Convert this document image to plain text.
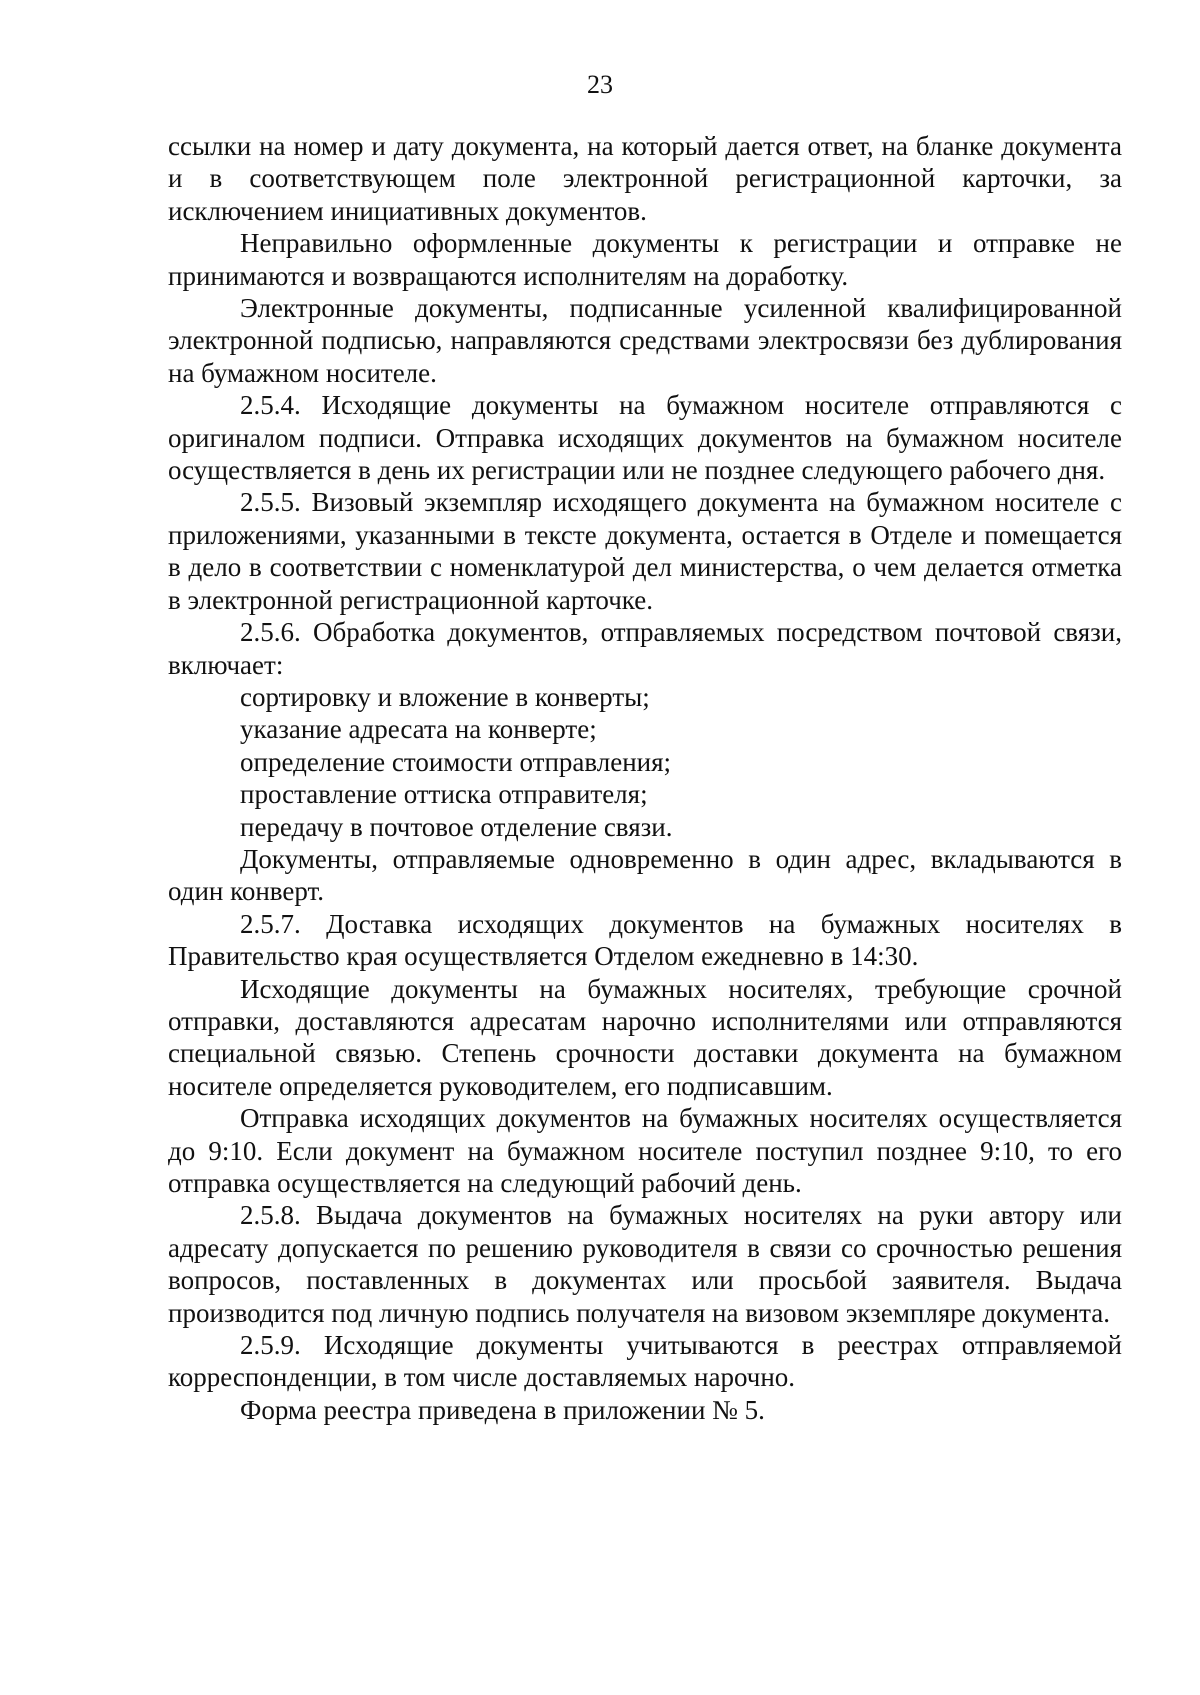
23

ссылки на номер и дату документа, на который дается ответ, на бланке документа и в соответствующем поле электронной регистрационной карточки, за исключением инициативных документов.

Неправильно оформленные документы к регистрации и отправке не принимаются и возвращаются исполнителям на доработку.

Электронные документы, подписанные усиленной квалифицированной электронной подписью, направляются средствами электросвязи без дублирования на бумажном носителе.

2.5.4. Исходящие документы на бумажном носителе отправляются с оригиналом подписи. Отправка исходящих документов на бумажном носителе осуществляется в день их регистрации или не позднее следующего рабочего дня.

2.5.5. Визовый экземпляр исходящего документа на бумажном носителе с приложениями, указанными в тексте документа, остается в Отделе и помещается в дело в соответствии с номенклатурой дел министерства, о чем делается отметка в электронной регистрационной карточке.

2.5.6. Обработка документов, отправляемых посредством почтовой связи, включает:

сортировку и вложение в конверты;

указание адресата на конверте;

определение стоимости отправления;

проставление оттиска отправителя;

передачу в почтовое отделение связи.

Документы, отправляемые одновременно в один адрес, вкладываются в один конверт.

2.5.7. Доставка исходящих документов на бумажных носителях в Правительство края осуществляется Отделом ежедневно в 14:30.

Исходящие документы на бумажных носителях, требующие срочной отправки, доставляются адресатам нарочно исполнителями или отправляются специальной связью. Степень срочности доставки документа на бумажном носителе определяется руководителем, его подписавшим.

Отправка исходящих документов на бумажных носителях осуществляется до 9:10. Если документ на бумажном носителе поступил позднее 9:10, то его отправка осуществляется на следующий рабочий день.

2.5.8. Выдача документов на бумажных носителях на руки автору или адресату допускается по решению руководителя в связи со срочностью решения вопросов, поставленных в документах или просьбой заявителя. Выдача производится под личную подпись получателя на визовом экземпляре документа.

2.5.9. Исходящие документы учитываются в реестрах отправляемой корреспонденции, в том числе доставляемых нарочно.

Форма реестра приведена в приложении № 5.
